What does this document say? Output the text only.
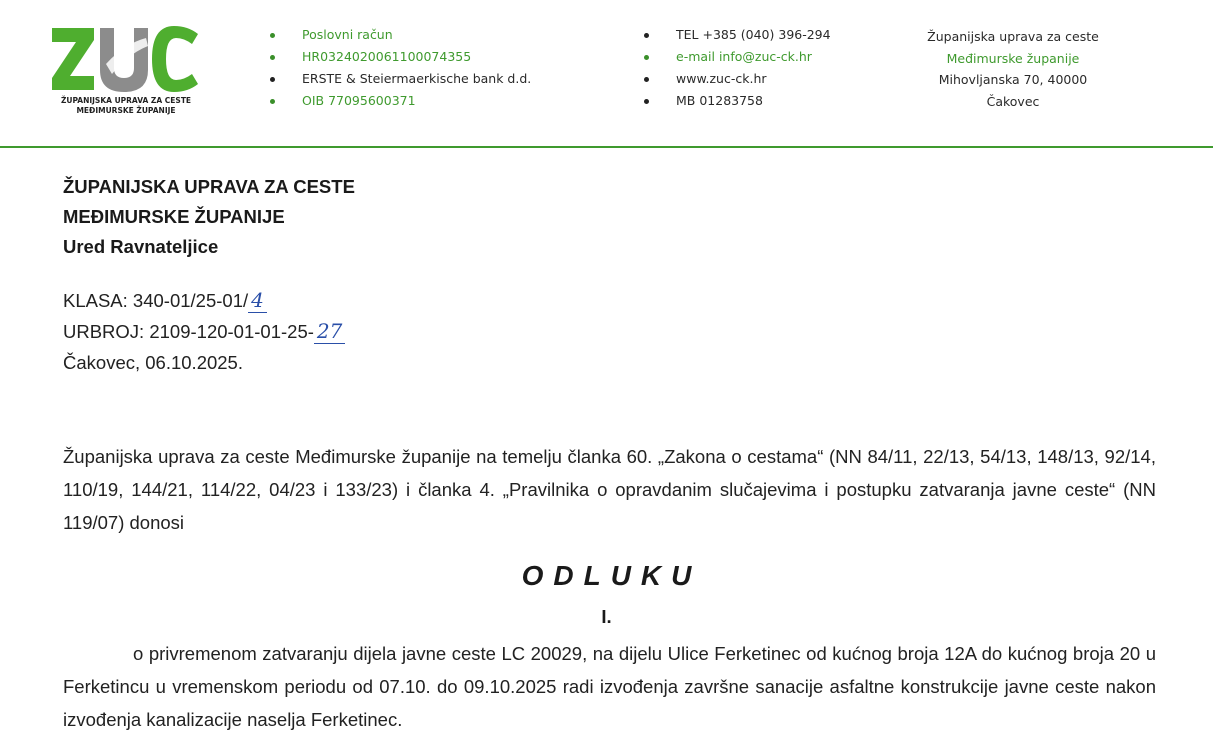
ŽUPANIJSKA UPRAVA ZA CESTE
MEĐIMURSKE ŽUPANIJE
Poslovni račun
HR0324020061100074355
ERSTE & Steiermaerkische bank d.d.
OIB 77095600371
TEL +385 (040) 396-294
e-mail info@zuc-ck.hr
www.zuc-ck.hr
MB 01283758
Županijska uprava za ceste
Međimurske županije
Mihovljanska 70, 40000
Čakovec
ŽUPANIJSKA UPRAVA ZA CESTE
MEĐIMURSKE ŽUPANIJE
Ured Ravnateljice
KLASA: 340-01/25-01/ 4
URBROJ: 2109-120-01-01-25- 27
Čakovec, 06.10.2025.
Županijska uprava za ceste Međimurske županije na temelju članka 60. „Zakona o cestama“ (NN 84/11, 22/13, 54/13, 148/13, 92/14, 110/19, 144/21, 114/22, 04/23 i 133/23) i članka 4. „Pravilnika o opravdanim slučajevima i postupku zatvaranja javne ceste“ (NN 119/07) donosi
ODLUKU
I.
o privremenom zatvaranju dijela javne ceste LC 20029, na dijelu Ulice Ferketinec od kućnog broja 12A do kućnog broja 20 u Ferketincu u vremenskom periodu od 07.10. do 09.10.2025 radi izvođenja završne sanacije asfaltne konstrukcije javne ceste nakon izvođenja kanalizacije naselja Ferketinec.
